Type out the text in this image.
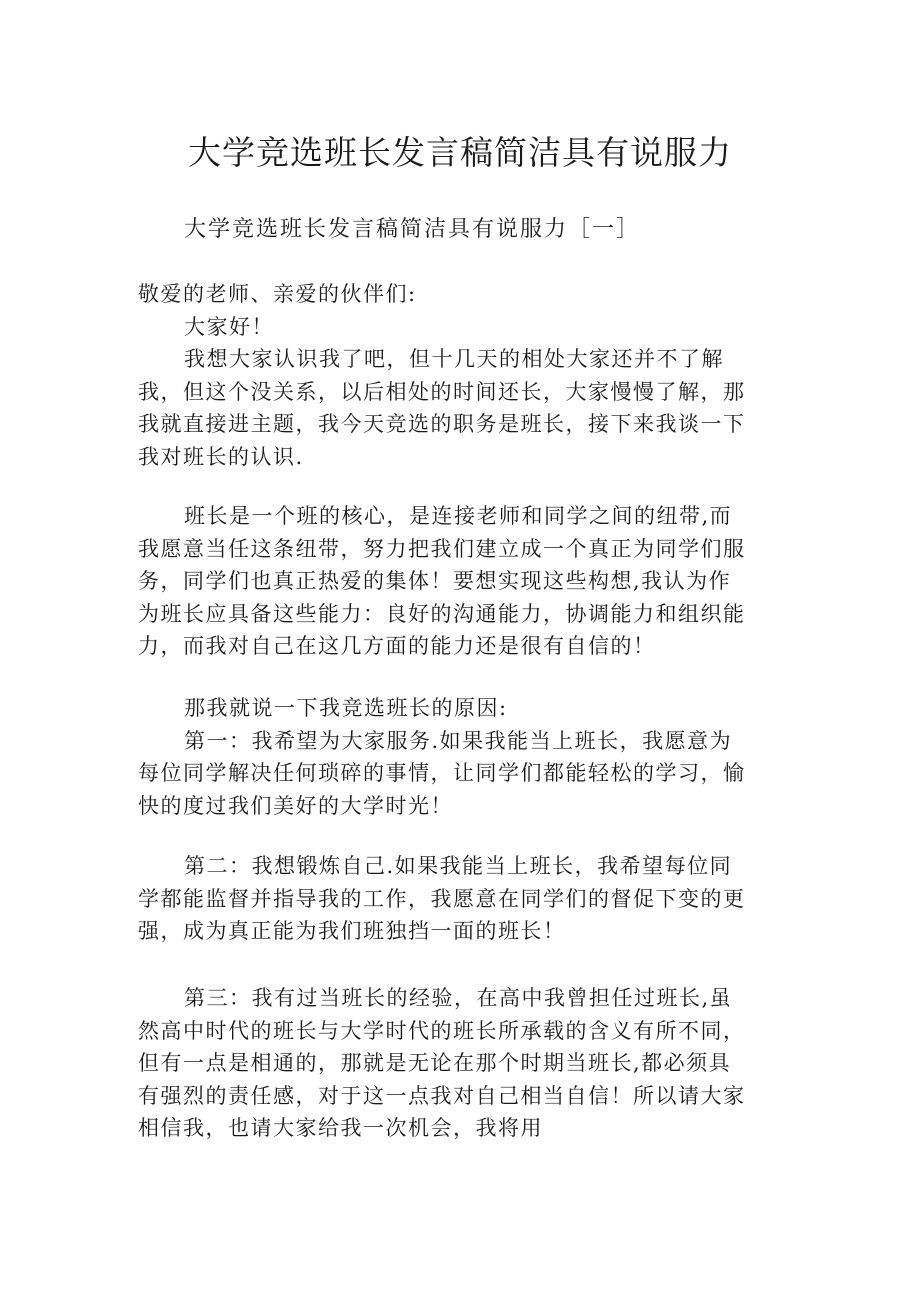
大学竞选班长发言稿简洁具有说服力
大学竞选班长发言稿简洁具有说服力［一］
敬爱的老师、亲爱的伙伴们:
大家好！
我想大家认识我了吧，但十几天的相处大家还并不了解
我，但这个没关系，以后相处的时间还长，大家慢慢了解，那
我就直接进主题，我今天竞选的职务是班长，接下来我谈一下
我对班长的认识.
班长是一个班的核心，是连接老师和同学之间的纽带,而
我愿意当任这条纽带，努力把我们建立成一个真正为同学们服
务，同学们也真正热爱的集体！要想实现这些构想,我认为作
为班长应具备这些能力：良好的沟通能力，协调能力和组织能
力，而我对自己在这几方面的能力还是很有自信的！
那我就说一下我竞选班长的原因:
第一：我希望为大家服务.如果我能当上班长，我愿意为
每位同学解决任何琐碎的事情，让同学们都能轻松的学习，愉
快的度过我们美好的大学时光！
第二：我想锻炼自己.如果我能当上班长，我希望每位同
学都能监督并指导我的工作，我愿意在同学们的督促下变的更
强，成为真正能为我们班独挡一面的班长！
第三：我有过当班长的经验，在高中我曾担任过班长,虽
然高中时代的班长与大学时代的班长所承载的含义有所不同，
但有一点是相通的，那就是无论在那个时期当班长,都必须具
有强烈的责任感，对于这一点我对自己相当自信！所以请大家
相信我，也请大家给我一次机会，我将用
